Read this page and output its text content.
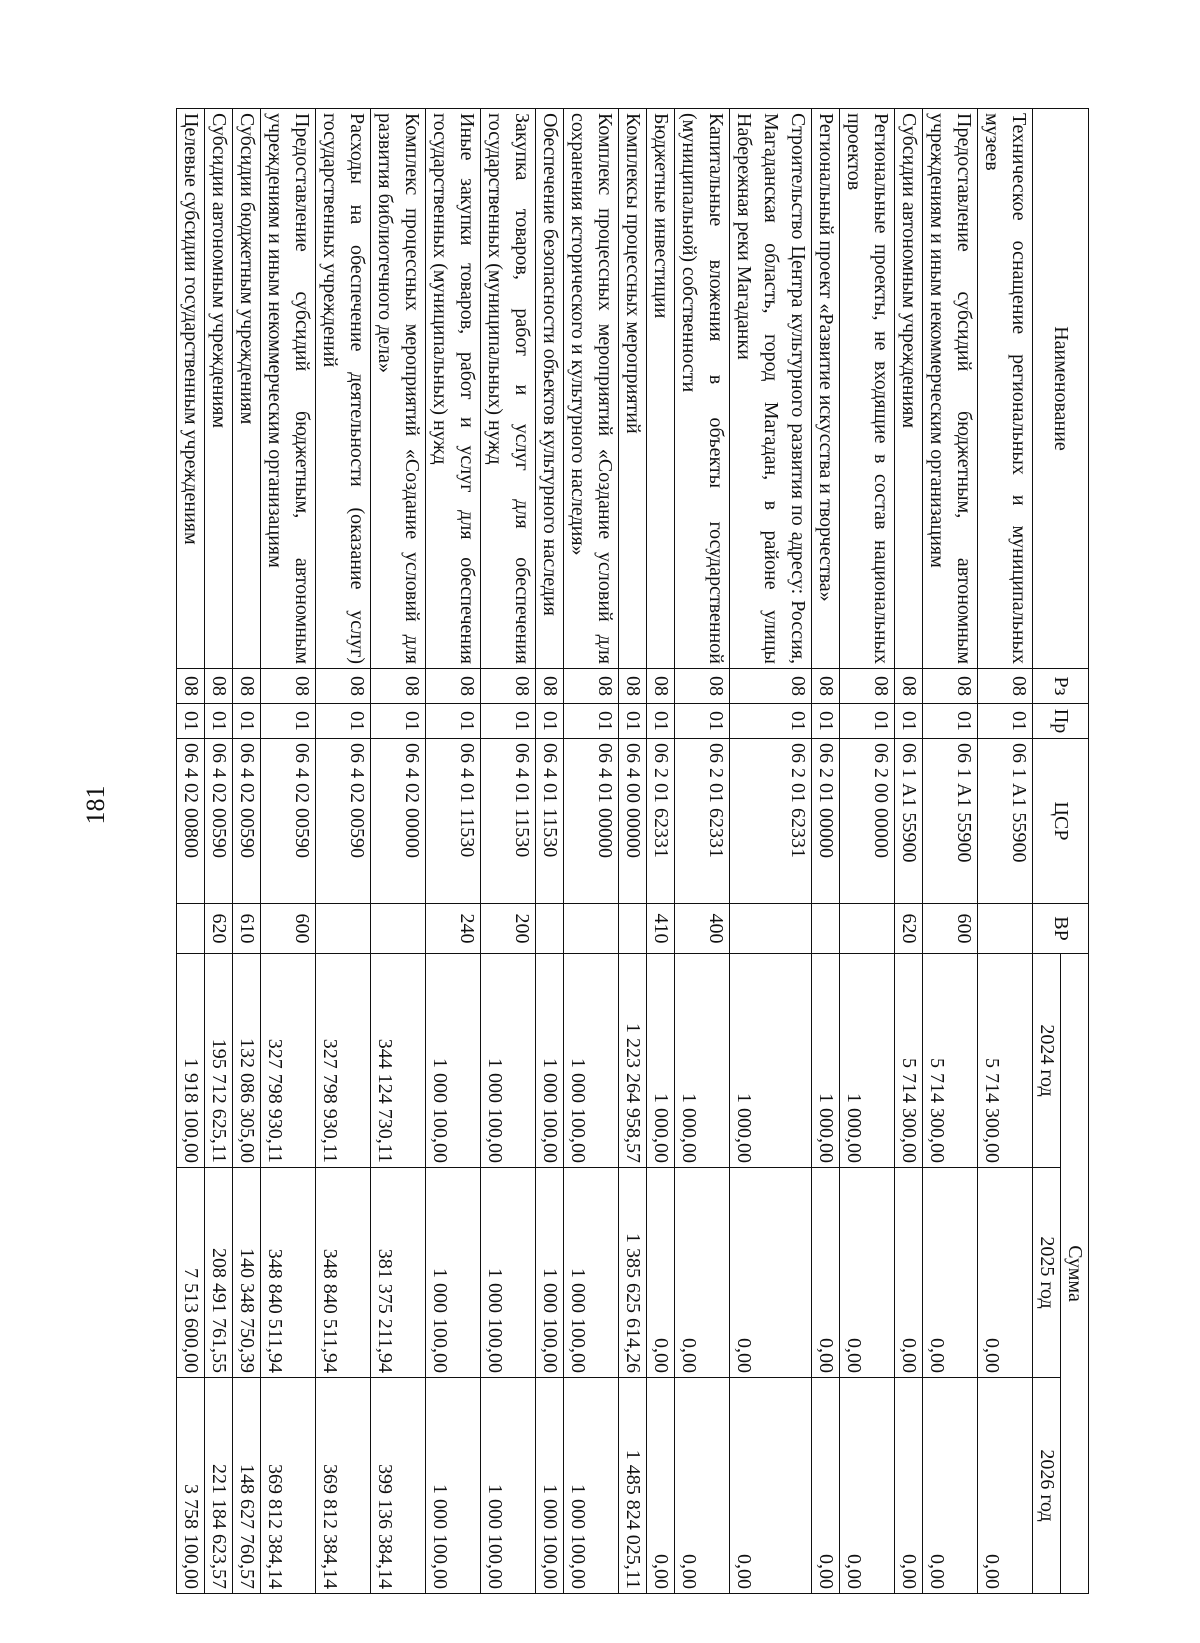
181
Наименование	Рз	Пр	ЦСР	ВР	Сумма		
					2024 год	2025 год	2026 год
Техническое оснащение региональных и муниципальных музеев	08	01	06 1 А1 55900		5 714 300,00	0,00	0,00
Предоставление субсидий бюджетным, автономным учреждениям и иным некоммерческим организациям	08	01	06 1 А1 55900	600	5 714 300,00	0,00	0,00
Субсидии автономным учреждениям	08	01	06 1 А1 55900	620	5 714 300,00	0,00	0,00
Региональные проекты, не входящие в состав национальных проектов	08	01	06 2 00 00000		1 000,00	0,00	0,00
Региональный проект «Развитие искусства и творчества»	08	01	06 2 01 00000		1 000,00	0,00	0,00
Строительство Центра культурного развития по адресу: Россия, Магаданская область, город Магадан, в районе улицы Набережная реки Магаданки	08	01	06 2 01 62331		1 000,00	0,00	0,00
Капитальные вложения в объекты государственной (муниципальной) собственности	08	01	06 2 01 62331	400	1 000,00	0,00	0,00
Бюджетные инвестиции	08	01	06 2 01 62331	410	1 000,00	0,00	0,00
Комплексы процессных мероприятий	08	01	06 4 00 00000		1 223 264 958,57	1 385 625 614,26	1 485 824 025,11
Комплекс процессных мероприятий «Создание условий для сохранения исторического и культурного наследия»	08	01	06 4 01 00000		1 000 100,00	1 000 100,00	1 000 100,00
Обеспечение безопасности объектов культурного наследия	08	01	06 4 01 11530		1 000 100,00	1 000 100,00	1 000 100,00
Закупка товаров, работ и услуг для обеспечения государственных (муниципальных) нужд	08	01	06 4 01 11530	200	1 000 100,00	1 000 100,00	1 000 100,00
Иные закупки товаров, работ и услуг для обеспечения государственных (муниципальных) нужд	08	01	06 4 01 11530	240	1 000 100,00	1 000 100,00	1 000 100,00
Комплекс процессных мероприятий «Создание условий для развития библиотечного дела»	08	01	06 4 02 00000		344 124 730,11	381 375 211,94	399 136 384,14
Расходы на обеспечение деятельности (оказание услуг) государственных учреждений	08	01	06 4 02 00590		327 798 930,11	348 840 511,94	369 812 384,14
Предоставление субсидий бюджетным, автономным учреждениям и иным некоммерческим организациям	08	01	06 4 02 00590	600	327 798 930,11	348 840 511,94	369 812 384,14
Субсидии бюджетным учреждениям	08	01	06 4 02 00590	610	132 086 305,00	140 348 750,39	148 627 760,57
Субсидии автономным учреждениям	08	01	06 4 02 00590	620	195 712 625,11	208 491 761,55	221 184 623,57
Целевые субсидии государственным учреждениям	08	01	06 4 02 00800		1 918 100,00	7 513 600,00	3 758 100,00
